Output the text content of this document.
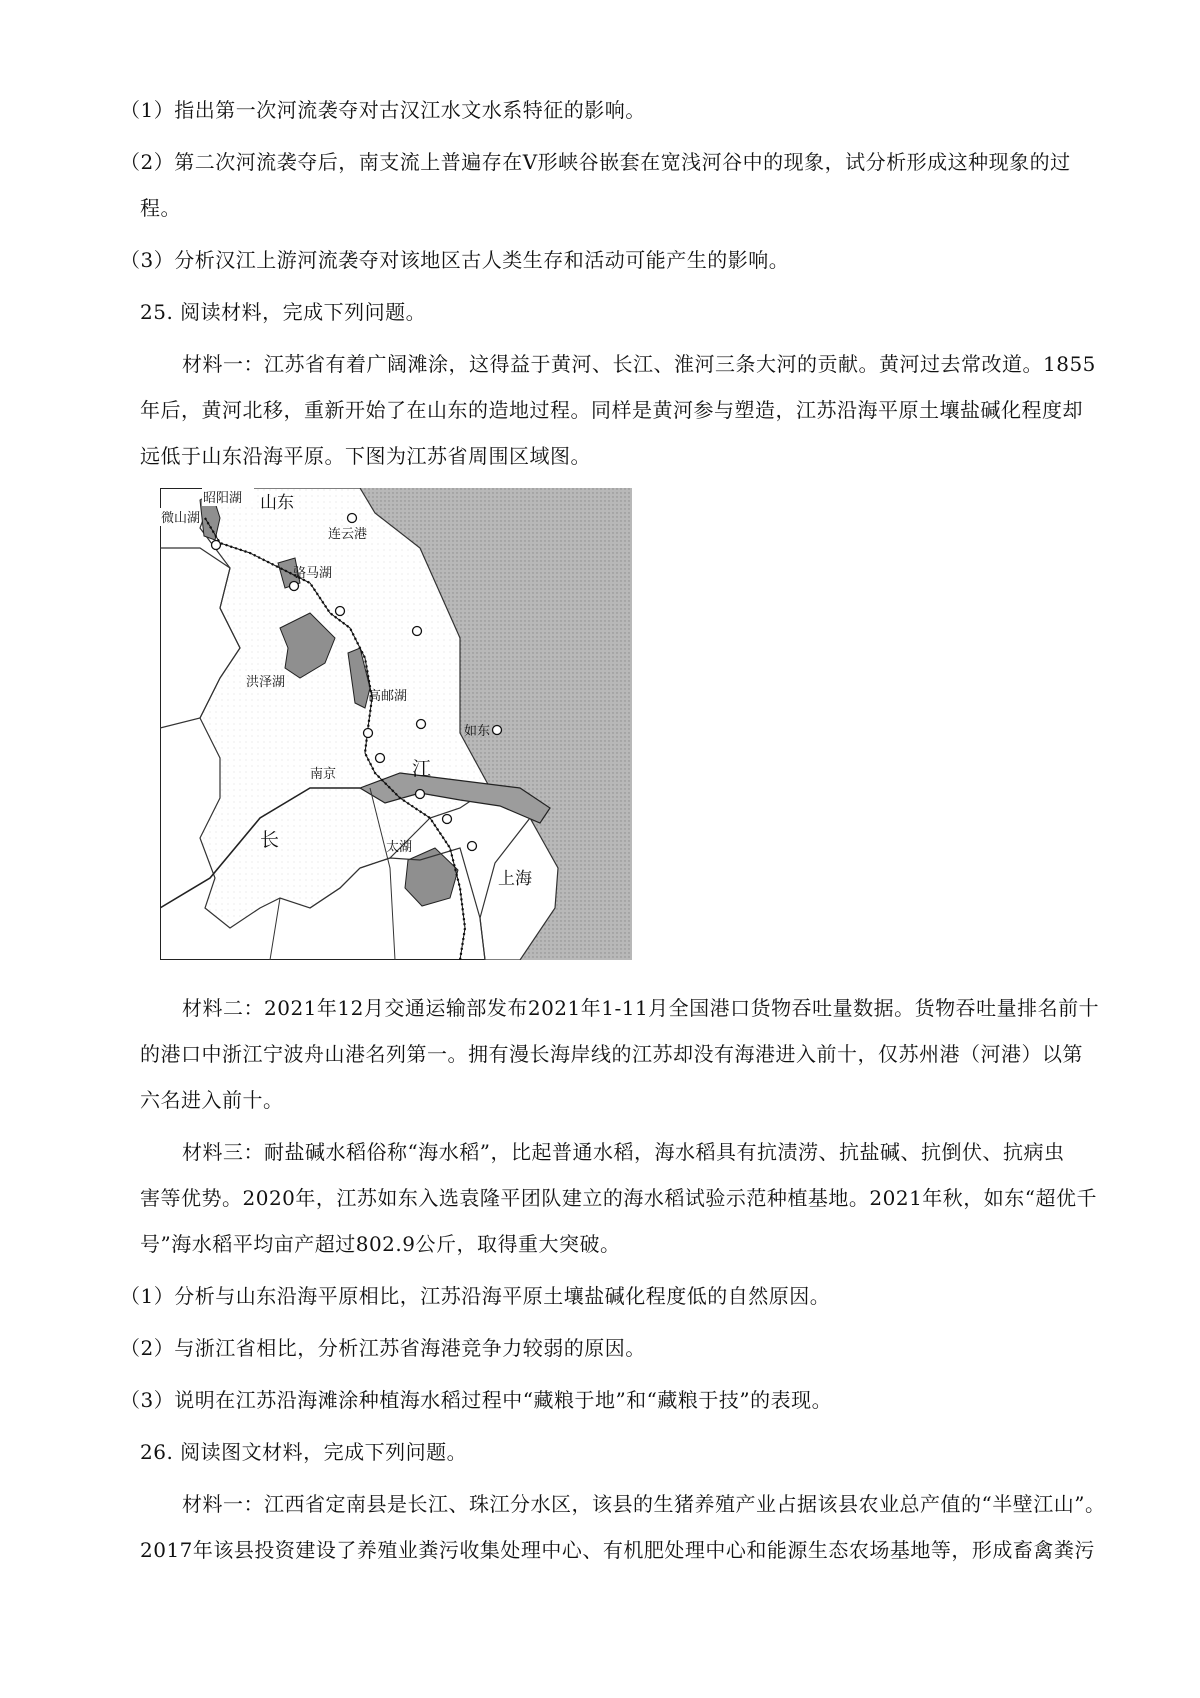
（1）指出第一次河流袭夺对古汉江水文水系特征的影响。
（2）第二次河流袭夺后，南支流上普遍存在V形峡谷嵌套在宽浅河谷中的现象，试分析形成这种现象的过
程。
（3）分析汉江上游河流袭夺对该地区古人类生存和活动可能产生的影响。
25. 阅读材料，完成下列问题。
材料一：江苏省有着广阔滩涂，这得益于黄河、长江、淮河三条大河的贡献。黄河过去常改道。1855
年后，黄河北移，重新开始了在山东的造地过程。同样是黄河参与塑造，江苏沿海平原土壤盐碱化程度却
远低于山东沿海平原。下图为江苏省周围区域图。
昭阳湖 山东
微山湖
连云港
骆马湖
洪泽湖
高邮湖
如东
江
南京
长	太湖
上海
材料二：2021年12月交通运输部发布2021年1-11月全国港口货物吞吐量数据。货物吞吐量排名前十
的港口中浙江宁波舟山港名列第一。拥有漫长海岸线的江苏却没有海港进入前十，仅苏州港（河港）以第
六名进入前十。
材料三：耐盐碱水稻俗称“海水稻”，比起普通水稻，海水稻具有抗渍涝、抗盐碱、抗倒伏、抗病虫
害等优势。2020年，江苏如东入选袁隆平团队建立的海水稻试验示范种植基地。2021年秋，如东“超优千
号”海水稻平均亩产超过802.9公斤，取得重大突破。
（1）分析与山东沿海平原相比，江苏沿海平原土壤盐碱化程度低的自然原因。
（2）与浙江省相比，分析江苏省海港竞争力较弱的原因。
（3）说明在江苏沿海滩涂种植海水稻过程中“藏粮于地”和“藏粮于技”的表现。
26. 阅读图文材料，完成下列问题。
材料一：江西省定南县是长江、珠江分水区，该县的生猪养殖产业占据该县农业总产值的“半壁江山”。
2017年该县投资建设了养殖业粪污收集处理中心、有机肥处理中心和能源生态农场基地等，形成畜禽粪污
